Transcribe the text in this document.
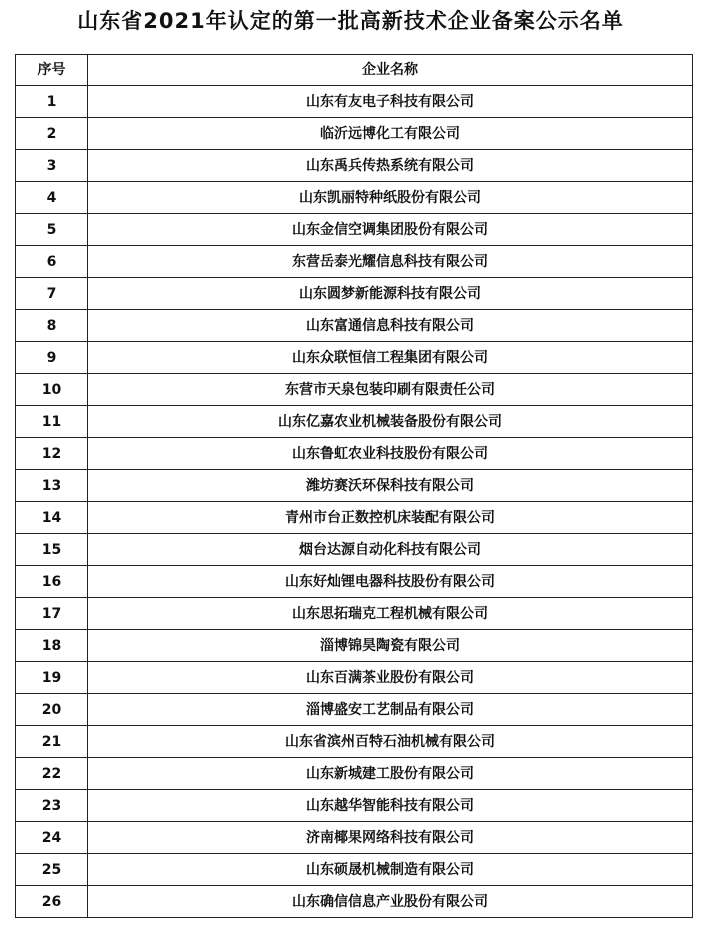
山东省2021年认定的第一批高新技术企业备案公示名单
序号	企业名称
1	山东有友电子科技有限公司
2	临沂远博化工有限公司
3	山东禹兵传热系统有限公司
4	山东凯丽特种纸股份有限公司
5	山东金信空调集团股份有限公司
6	东营岳泰光耀信息科技有限公司
7	山东圆梦新能源科技有限公司
8	山东富通信息科技有限公司
9	山东众联恒信工程集团有限公司
10	东营市天泉包装印刷有限责任公司
11	山东亿嘉农业机械装备股份有限公司
12	山东鲁虹农业科技股份有限公司
13	潍坊赛沃环保科技有限公司
14	青州市台正数控机床装配有限公司
15	烟台达源自动化科技有限公司
16	山东好灿锂电器科技股份有限公司
17	山东思拓瑞克工程机械有限公司
18	淄博锦昊陶瓷有限公司
19	山东百满茶业股份有限公司
20	淄博盛安工艺制品有限公司
21	山东省滨州百特石油机械有限公司
22	山东新城建工股份有限公司
23	山东越华智能科技有限公司
24	济南椰果网络科技有限公司
25	山东硕晟机械制造有限公司
26	山东确信信息产业股份有限公司
